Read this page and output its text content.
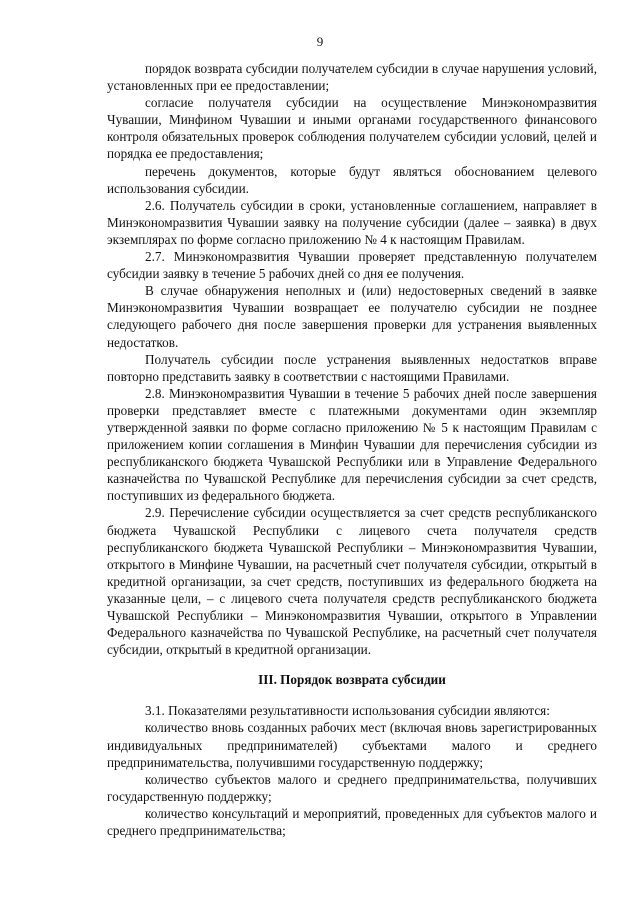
9

порядок возврата субсидии получателем субсидии в случае нарушения условий, установленных при ее предоставлении;

согласие получателя субсидии на осуществление Минэкономразвития Чувашии, Минфином Чувашии и иными органами государственного финансового контроля обязательных проверок соблюдения получателем субсидии условий, целей и порядка ее предоставления;

перечень документов, которые будут являться обоснованием целевого использования субсидии.

2.6. Получатель субсидии в сроки, установленные соглашением, направляет в Минэкономразвития Чувашии заявку на получение субсидии (далее – заявка) в двух экземплярах по форме согласно приложению № 4 к настоящим Правилам.

2.7. Минэкономразвития Чувашии проверяет представленную получателем субсидии заявку в течение 5 рабочих дней со дня ее получения.

В случае обнаружения неполных и (или) недостоверных сведений в заявке Минэкономразвития Чувашии возвращает ее получателю субсидии не позднее следующего рабочего дня после завершения проверки для устранения выявленных недостатков.

Получатель субсидии после устранения выявленных недостатков вправе повторно представить заявку в соответствии с настоящими Правилами.

2.8. Минэкономразвития Чувашии в течение 5 рабочих дней после завершения проверки представляет вместе с платежными документами один экземпляр утвержденной заявки по форме согласно приложению № 5 к настоящим Правилам с приложением копии соглашения в Минфин Чувашии для перечисления субсидии из республиканского бюджета Чувашской Республики или в Управление Федерального казначейства по Чувашской Республике для перечисления субсидии за счет средств, поступивших из федерального бюджета.

2.9. Перечисление субсидии осуществляется за счет средств республиканского бюджета Чувашской Республики с лицевого счета получателя средств республиканского бюджета Чувашской Республики – Минэкономразвития Чувашии, открытого в Минфине Чувашии, на расчетный счет получателя субсидии, открытый в кредитной организации, за счет средств, поступивших из федерального бюджета на указанные цели, – с лицевого счета получателя средств республиканского бюджета Чувашской Республики – Минэкономразвития Чувашии, открытого в Управлении Федерального казначейства по Чувашской Республике, на расчетный счет получателя субсидии, открытый в кредитной организации.

III. Порядок возврата субсидии

3.1. Показателями результативности использования субсидии являются:

количество вновь созданных рабочих мест (включая вновь зарегистрированных индивидуальных предпринимателей) субъектами малого и среднего предпринимательства, получившими государственную поддержку;

количество субъектов малого и среднего предпринимательства, получивших государственную поддержку;

количество консультаций и мероприятий, проведенных для субъектов малого и среднего предпринимательства;
